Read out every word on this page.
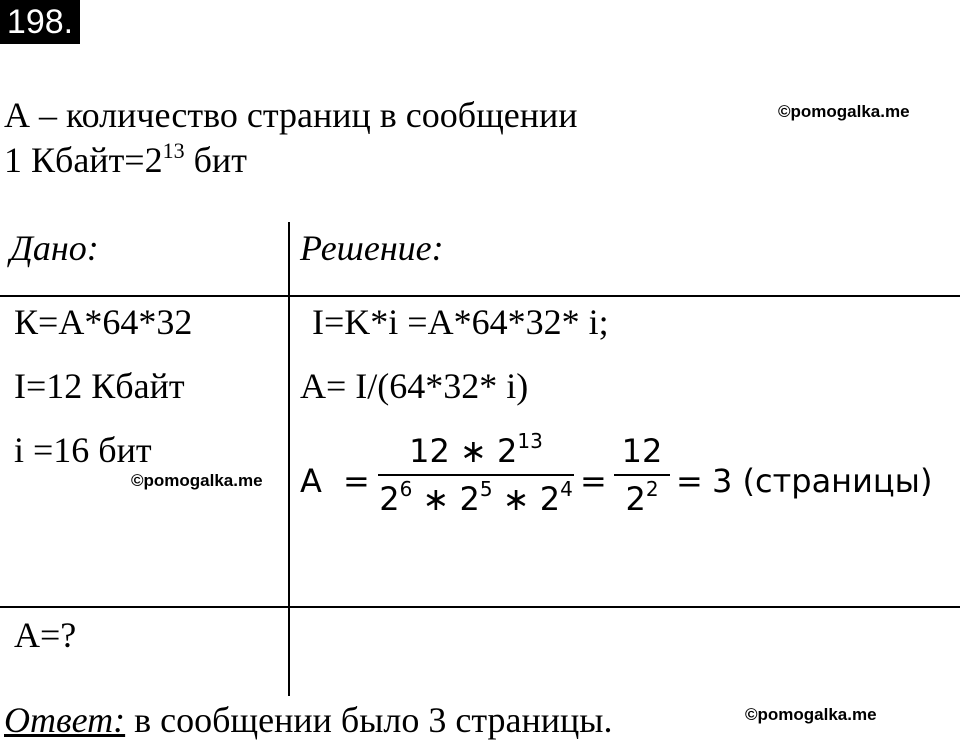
198.
А – количество страниц в сообщении
1 $Кбайт=2^{13}$ бит
©pomogalka.me
©pomogalka.me
©pomogalka.me
Дано:	Решение:
К=А*64*32
I=12 Кбайт
i =16 бит
I=K*i =A*64*32* i;
A= I/(64*32* i)
A =
12 ∗ $2^{13}$
$2^6$ ∗ $2^5$ ∗ $2^4$ =
12
$2^2 = 3$ (страницы)
А=?
Ответ: в сообщении было 3 страницы.
